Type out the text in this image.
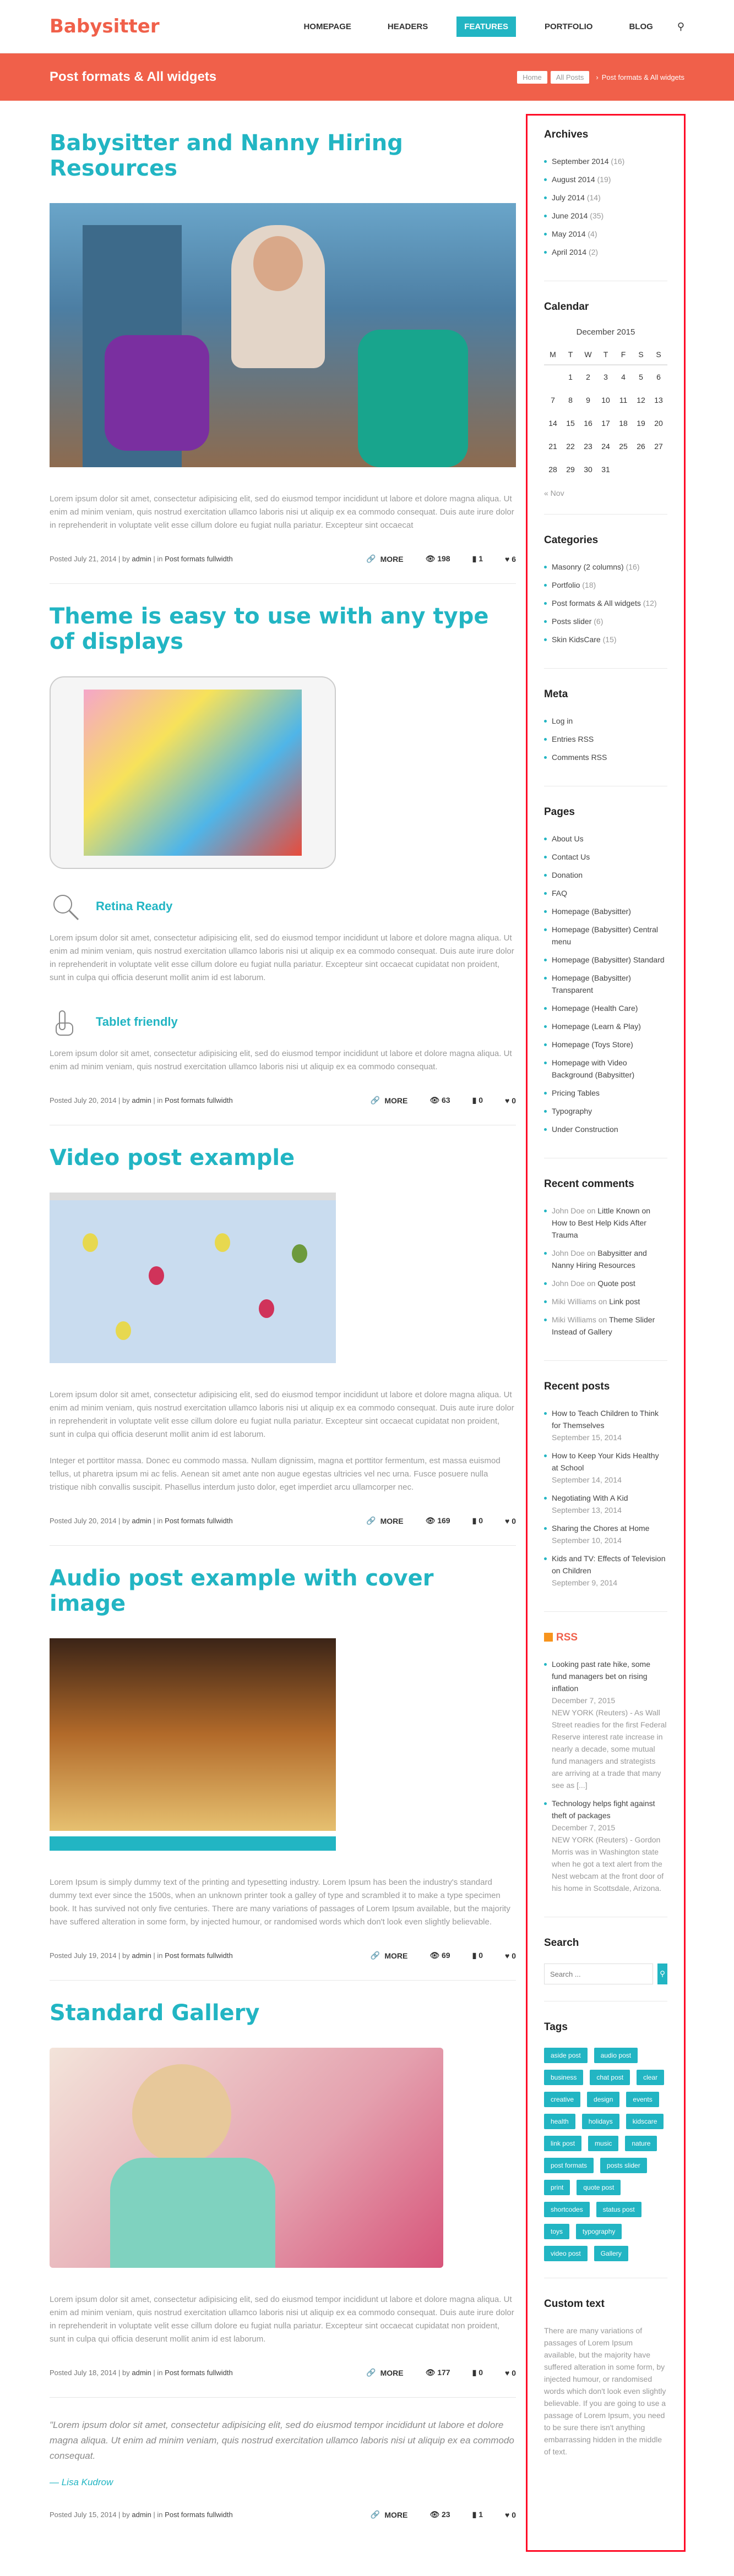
Babysitter	HOMEPAGE	HEADERS	FEATURES	PORTFOLIO	BLOG	⚲
Post formats & All widgets	Home	All Posts	› Post formats & All widgets
Babysitter and Nanny Hiring Resources

Lorem ipsum dolor sit amet, consectetur adipisicing elit, sed do eiusmod tempor incididunt ut labore et dolore magna aliqua. Ut enim ad minim veniam, quis nostrud exercitation ullamco laboris nisi ut aliquip ex ea commodo consequat. Duis aute irure dolor in reprehenderit in voluptate velit esse cillum dolore eu fugiat nulla pariatur. Excepteur sint occaecat

Posted July 21, 2014 | by admin | in Post formats fullwidth	🔗 MORE	👁 198	▮ 1	♥ 6
Theme is easy to use with any type of displays
Retina Ready

Lorem ipsum dolor sit amet, consectetur adipisicing elit, sed do eiusmod tempor incididunt ut labore et dolore magna aliqua. Ut enim ad minim veniam, quis nostrud exercitation ullamco laboris nisi ut aliquip ex ea commodo consequat. Duis aute irure dolor in reprehenderit in voluptate velit esse cillum dolore eu fugiat nulla pariatur. Excepteur sint occaecat cupidatat non proident, sunt in culpa qui officia deserunt mollit anim id est laborum.

Tablet friendly

Lorem ipsum dolor sit amet, consectetur adipisicing elit, sed do eiusmod tempor incididunt ut labore et dolore magna aliqua. Ut enim ad minim veniam, quis nostrud exercitation ullamco laboris nisi ut aliquip ex ea commodo consequat.

Posted July 20, 2014 | by admin | in Post formats fullwidth	🔗 MORE	👁 63	▮ 0	♥ 0
Video post example

Lorem ipsum dolor sit amet, consectetur adipisicing elit, sed do eiusmod tempor incididunt ut labore et dolore magna aliqua. Ut enim ad minim veniam, quis nostrud exercitation ullamco laboris nisi ut aliquip ex ea commodo consequat. Duis aute irure dolor in reprehenderit in voluptate velit esse cillum dolore eu fugiat nulla pariatur. Excepteur sint occaecat cupidatat non proident, sunt in culpa qui officia deserunt mollit anim id est laborum.

Integer et porttitor massa. Donec eu commodo massa. Nullam dignissim, magna et porttitor fermentum, est massa euismod tellus, ut pharetra ipsum mi ac felis. Aenean sit amet ante non augue egestas ultricies vel nec urna. Fusce posuere nulla tristique nibh convallis suscipit. Phasellus interdum justo dolor, eget imperdiet arcu ullamcorper nec.

Posted July 20, 2014 | by admin | in Post formats fullwidth	🔗 MORE	👁 169	▮ 0	♥ 0
Audio post example with cover image

Lorem Ipsum is simply dummy text of the printing and typesetting industry. Lorem Ipsum has been the industry's standard dummy text ever since the 1500s, when an unknown printer took a galley of type and scrambled it to make a type specimen book. It has survived not only five centuries. There are many variations of passages of Lorem Ipsum available, but the majority have suffered alteration in some form, by injected humour, or randomised words which don't look even slightly believable.

Posted July 19, 2014 | by admin | in Post formats fullwidth	🔗 MORE	👁 69	▮ 0	♥ 0
Standard Gallery

Lorem ipsum dolor sit amet, consectetur adipisicing elit, sed do eiusmod tempor incididunt ut labore et dolore magna aliqua. Ut enim ad minim veniam, quis nostrud exercitation ullamco laboris nisi ut aliquip ex ea commodo consequat. Duis aute irure dolor in reprehenderit in voluptate velit esse cillum dolore eu fugiat nulla pariatur. Excepteur sint occaecat cupidatat non proident, sunt in culpa qui officia deserunt mollit anim id est laborum.

Posted July 18, 2014 | by admin | in Post formats fullwidth	🔗 MORE	👁 177	▮ 0	♥ 0

"Lorem ipsum dolor sit amet, consectetur adipisicing elit, sed do eiusmod tempor incididunt ut labore et dolore magna aliqua. Ut enim ad minim veniam, quis nostrud exercitation ullamco laboris nisi ut aliquip ex ea commodo consequat.

— Lisa Kudrow

Posted July 15, 2014 | by admin | in Post formats fullwidth	🔗 MORE	👁 23	▮ 1	♥ 0
Archives
September 2014 (16)
August 2014 (19)
July 2014 (14)
June 2014 (35)
May 2014 (4)
April 2014 (2)
Calendar
December 2015
M	T	W	T	F	S	S
	1	2	3	4	5	6
7	8	9	10	11	12	13
14	15	16	17	18	19	20
21	22	23	24	25	26	27
28	29	30	31			
« Nov
Categories
Masonry (2 columns) (16)
Portfolio (18)
Post formats & All widgets (12)
Posts slider (6)
Skin KidsCare (15)
Meta
Log in
Entries RSS
Comments RSS
Pages
About Us
Contact Us
Donation
FAQ
Homepage (Babysitter)
Homepage (Babysitter) Central menu
Homepage (Babysitter) Standard
Homepage (Babysitter) Transparent
Homepage (Health Care)
Homepage (Learn & Play)
Homepage (Toys Store)
Homepage with Video Background (Babysitter)
Pricing Tables
Typography
Under Construction
Recent comments
John Doe on Little Known on How to Best Help Kids After Trauma
John Doe on Babysitter and Nanny Hiring Resources
John Doe on Quote post
Miki Williams on Link post
Miki Williams on Theme Slider Instead of Gallery
Recent posts
How to Teach Children to Think for Themselves
September 15, 2014
How to Keep Your Kids Healthy at School
September 14, 2014
Negotiating With A Kid
September 13, 2014
Sharing the Chores at Home
September 10, 2014
Kids and TV: Effects of Television on Children
September 9, 2014
RSS
Looking past rate hike, some fund managers bet on rising inflation
December 7, 2015
NEW YORK (Reuters) - As Wall Street readies for the first Federal Reserve interest rate increase in nearly a decade, some mutual fund managers and strategists are arriving at a trade that many see as [...]
Technology helps fight against theft of packages
December 7, 2015
NEW YORK (Reuters) - Gordon Morris was in Washington state when he got a text alert from the Nest webcam at the front door of his home in Scottsdale, Arizona.
Search
Search ...
⚲
Tags
aside post	audio post
business	chat post	clear
creative	design	events
health	holidays	kidscare
link post	music	nature
post formats	posts slider
print	quote post
shortcodes	status post
toys	typography
video post	Gallery
Custom text

There are many variations of passages of Lorem Ipsum available, but the majority have suffered alteration in some form, by injected humour, or randomised words which don't look even slightly believable. If you are going to use a passage of Lorem Ipsum, you need to be sure there isn't anything embarrassing hidden in the middle of text.
